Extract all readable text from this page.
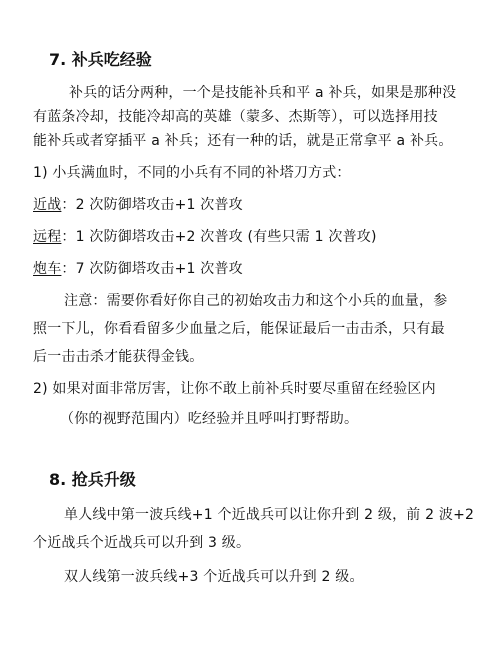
7. 补兵吃经验
补兵的话分两种，一个是技能补兵和平 a 补兵，如果是那种没
有蓝条冷却，技能冷却高的英雄（蒙多、杰斯等），可以选择用技
能补兵或者穿插平 a 补兵；还有一种的话，就是正常拿平 a 补兵。
1) 小兵满血时，不同的小兵有不同的补塔刀方式：
近战：2 次防御塔攻击+1 次普攻
远程：1 次防御塔攻击+2 次普攻 (有些只需 1 次普攻)
炮车：7 次防御塔攻击+1 次普攻
注意：需要你看好你自己的初始攻击力和这个小兵的血量，参
照一下儿，你看看留多少血量之后，能保证最后一击击杀，只有最
后一击击杀才能获得金钱。
2) 如果对面非常厉害，让你不敢上前补兵时要尽重留在经验区内
（你的视野范围内）吃经验并且呼叫打野帮助。
8. 抢兵升级
单人线中第一波兵线+1 个近战兵可以让你升到 2 级，前 2 波+2
个近战兵个近战兵可以升到 3 级。
双人线第一波兵线+3 个近战兵可以升到 2 级。
